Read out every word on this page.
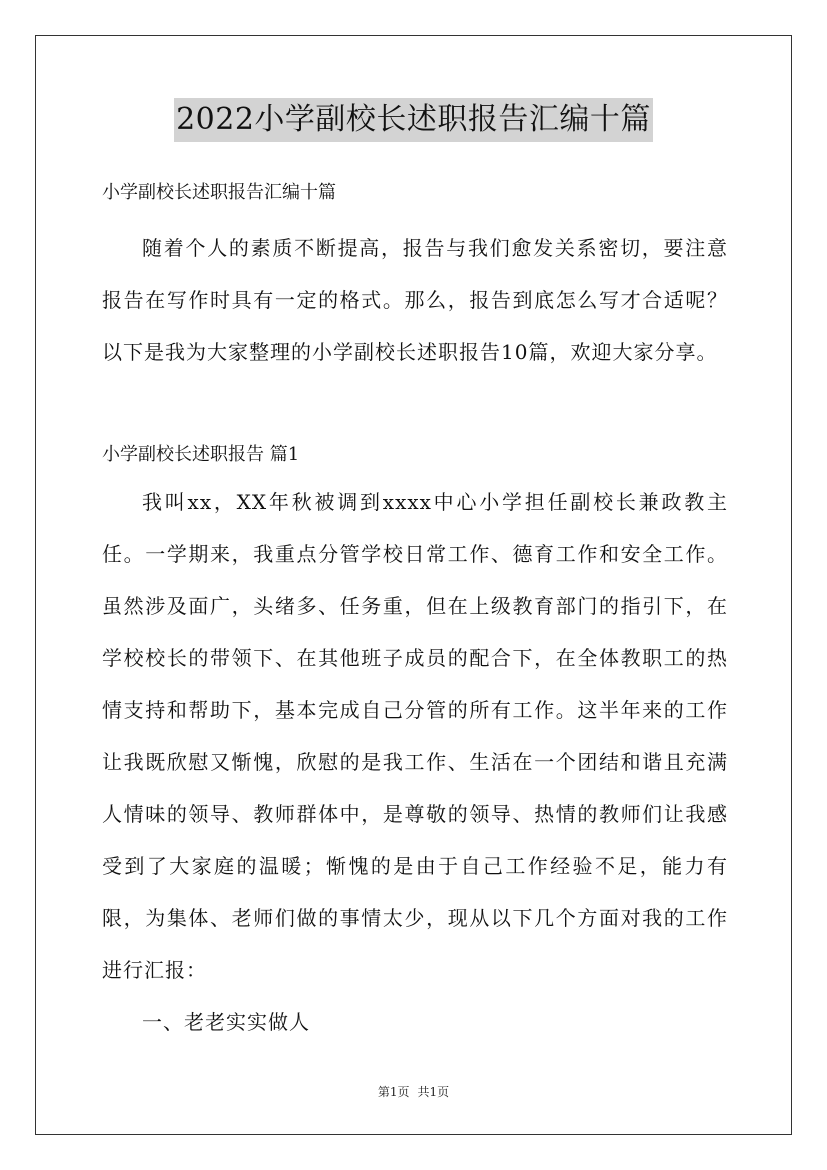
2022小学副校长述职报告汇编十篇

小学副校长述职报告汇编十篇

随着个人的素质不断提高，报告与我们愈发关系密切，要注意报告在写作时具有一定的格式。那么，报告到底怎么写才合适呢？以下是我为大家整理的小学副校长述职报告10篇，欢迎大家分享。

小学副校长述职报告 篇1

我叫xx，XX年秋被调到xxxx中心小学担任副校长兼政教主任。一学期来，我重点分管学校日常工作、德育工作和安全工作。虽然涉及面广，头绪多、任务重，但在上级教育部门的指引下，在学校校长的带领下、在其他班子成员的配合下，在全体教职工的热情支持和帮助下，基本完成自己分管的所有工作。这半年来的工作让我既欣慰又惭愧，欣慰的是我工作、生活在一个团结和谐且充满人情味的领导、教师群体中，是尊敬的领导、热情的教师们让我感受到了大家庭的温暖；惭愧的是由于自己工作经验不足，能力有限，为集体、老师们做的事情太少，现从以下几个方面对我的工作进行汇报：

一、老老实实做人

第1页 共1页
